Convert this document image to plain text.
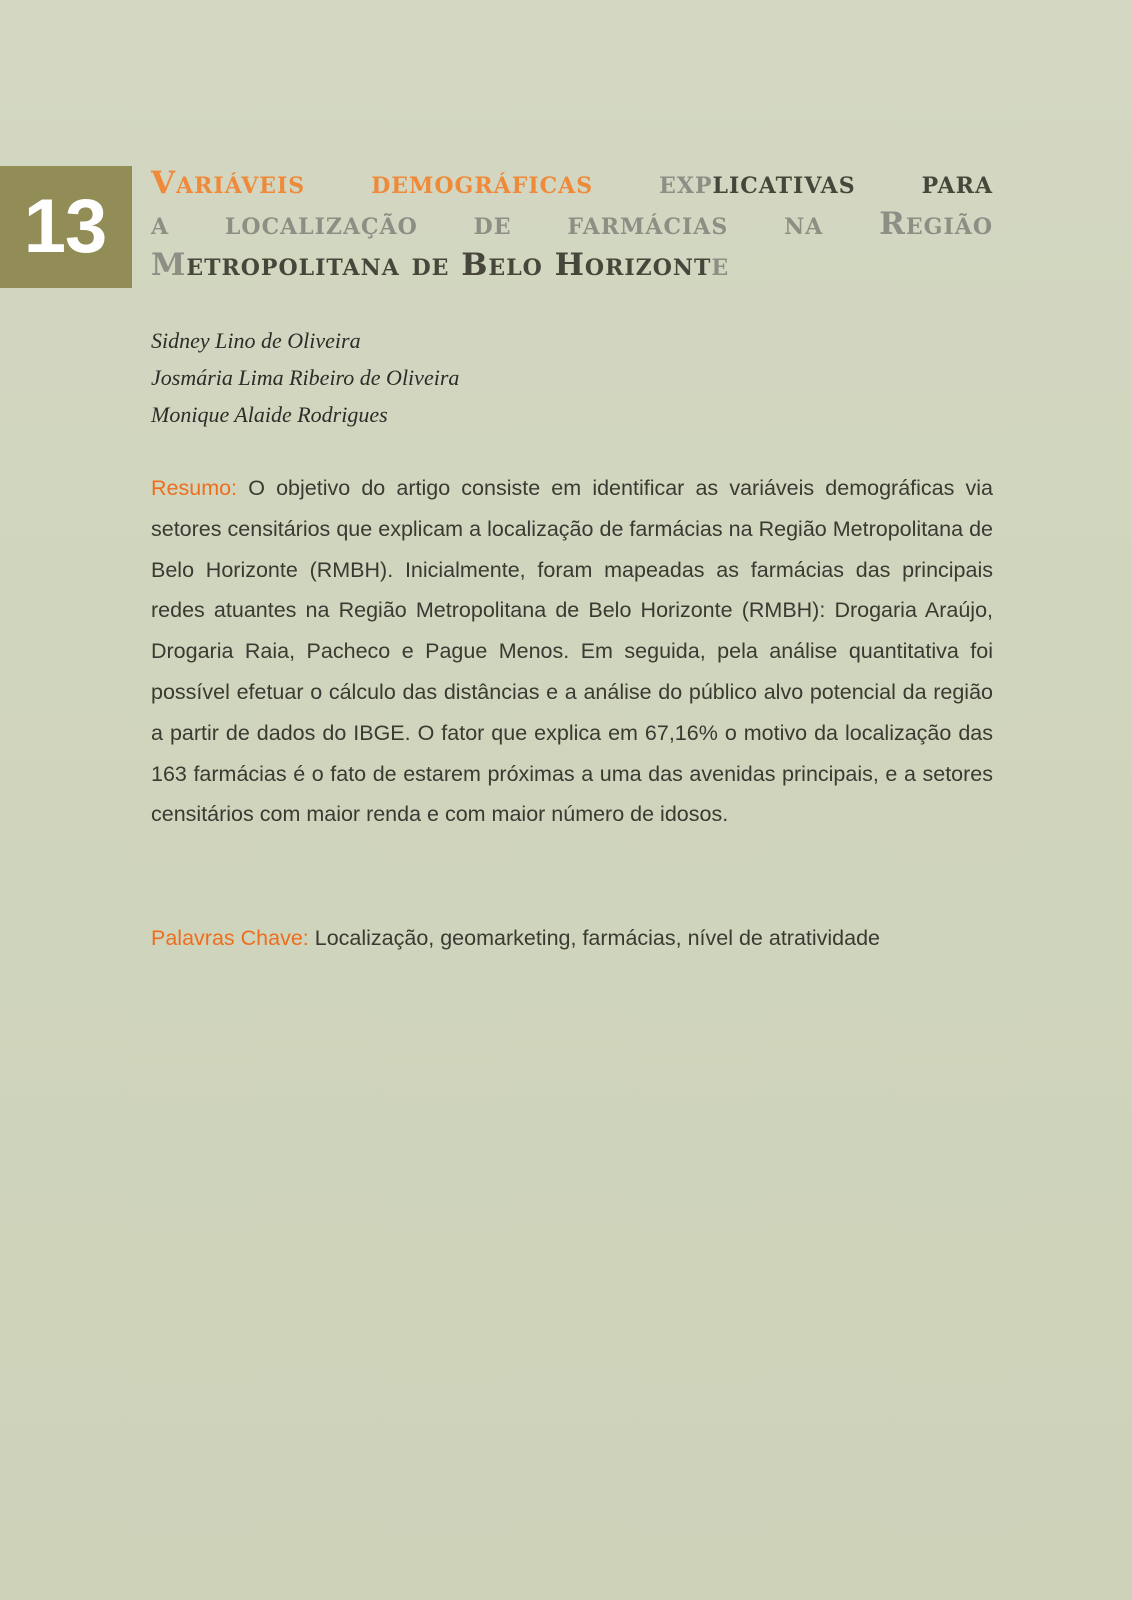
13
Variáveis demográficas explicativas para
a localização de farmácias na Região
Metropolitana de Belo Horizonte
Sidney Lino de Oliveira
Josmária Lima Ribeiro de Oliveira
Monique Alaide Rodrigues

Resumo: O objetivo do artigo consiste em identificar as variáveis demográficas via setores censitários que explicam a localização de farmácias na Região Metropolitana de Belo Horizonte (RMBH). Inicialmente, foram mapeadas as farmácias das principais redes atuantes na Região Metropolitana de Belo Horizonte (RMBH): Drogaria Araújo, Drogaria Raia, Pacheco e Pague Menos. Em seguida, pela análise quantitativa foi possível efetuar o cálculo das distâncias e a análise do público alvo potencial da região a partir de dados do IBGE. O fator que explica em 67,16% o motivo da localização das 163 farmácias é o fato de estarem próximas a uma das avenidas principais, e a setores censitários com maior renda e com maior número de idosos.

Palavras Chave: Localização, geomarketing, farmácias, nível de atratividade
